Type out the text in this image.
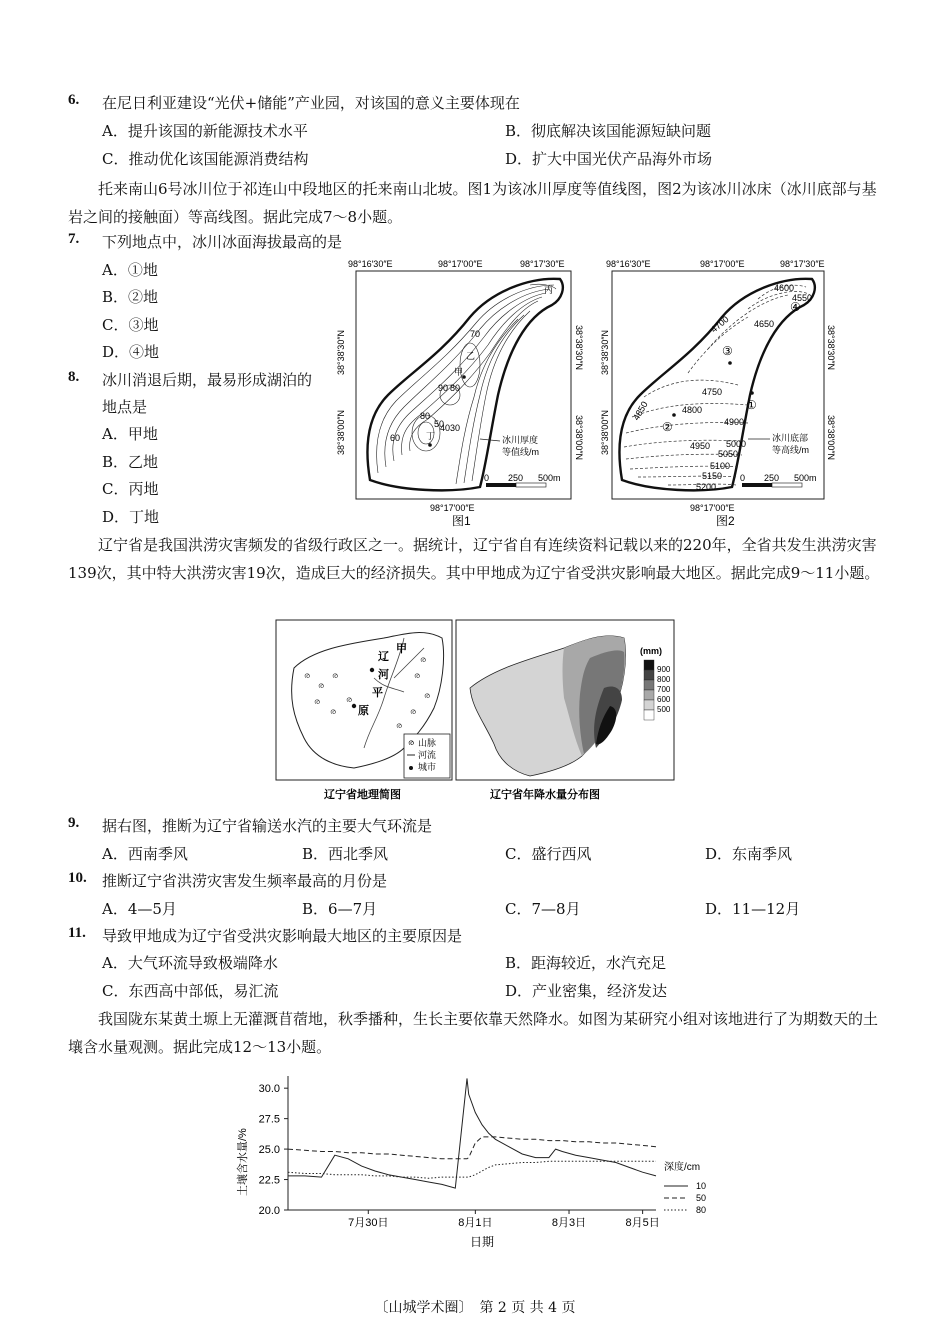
6. 在尼日利亚建设“光伏+储能”产业园，对该国的意义主要体现在
A．提升该国的新能源技术水平	B．彻底解决该国能源短缺问题
C．推动优化该国能源消费结构	D．扩大中国光伏产品海外市场
托来南山6号冰川位于祁连山中段地区的托来南山北坡。图1为该冰川厚度等值线图，图2为该冰川冰床（冰川底部与基岩之间的接触面）等高线图。据此完成7～8小题。
7. 下列地点中，冰川冰面海拔最高的是
A．①地
B．②地
C．③地
D．④地
8. 冰川消退后期，最易形成湖泊的
地点是
A．甲地
B．乙地
C．丙地
D．丁地
98°16′30″E	98°17′00″E	98°17′30″E
38°38′30″N
38°38′00″N
38°38′30″N
38°38′00″N
丙
70
乙
甲
90 80
80
50 30
40
60	丁	冰川厚度
等值线/m
0 250 500m
98°17′00″E
图1
98°16′30″E	98°17′00″E	98°17′30″E
38°38′30″N
38°38′00″N
38°38′30″N
38°38′00″N
4600
4550
4650
4700
4750
4800
4850	4900
4950 5000
5050
5100
5150
5200
①
②
③
④
冰川底部
等高线/m
0 250 500m
98°17′00″E
图2
辽宁省是我国洪涝灾害频发的省级行政区之一。据统计，辽宁省自有连续资料记载以来的220年，全省共发生洪涝灾害139次，其中特大洪涝灾害19次，造成巨大的经济损失。其中甲地成为辽宁省受洪灾影响最大地区。据此完成9～11小题。
ര
ര
ര
ര
ര
ര
ര
ര
ര
ര
ര
辽
甲
河
平
原
ര 山脉
河流
城市
辽宁省地理简图
(mm)
900
800
700
600
500
辽宁省年降水量分布图
9. 据右图，推断为辽宁省输送水汽的主要大气环流是
A．西南季风	B．西北季风	C．盛行西风	D．东南季风
10. 推断辽宁省洪涝灾害发生频率最高的月份是
A．4—5月	B．6—7月	C．7—8月	D．11—12月
11. 导致甲地成为辽宁省受洪灾影响最大地区的主要原因是
A．大气环流导致极端降水	B．距海较近，水汽充足
C．东西高中部低，易汇流	D．产业密集，经济发达
我国陇东某黄土塬上无灌溉苜蓿地，秋季播种，生长主要依靠天然降水。如图为某研究小组对该地进行了为期数天的土壤含水量观测。据此完成12～13小题。
20.0
22.5
25.0
27.5
30.0
7月30日	8月1日	8月3日	8月5日
土壤含水量/%
日期
深度/cm
10
50
80
〔山城学术圈〕　第 2 页 共 4 页
